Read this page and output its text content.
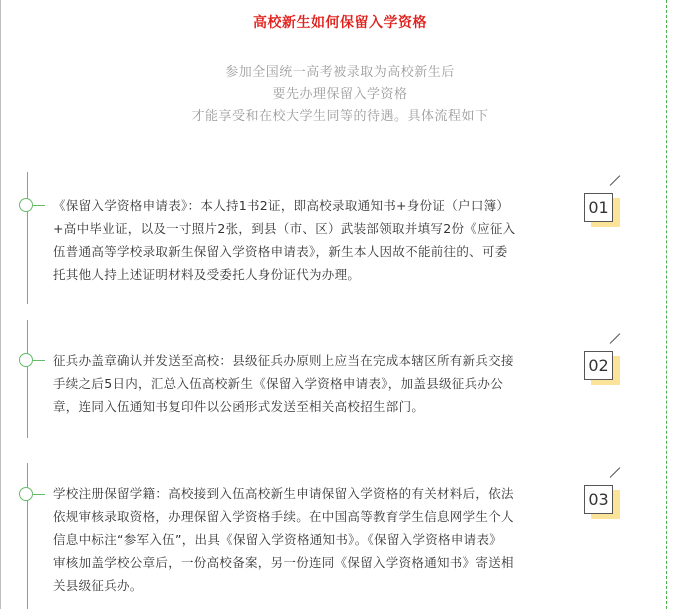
高校新生如何保留入学资格
参加全国统一高考被录取为高校新生后
要先办理保留入学资格
才能享受和在校大学生同等的待遇。具体流程如下
《保留入学资格申请表》：本人持1书2证，即高校录取通知书+身份证（户口簿）
+高中毕业证，以及一寸照片2张，到县（市、区）武装部领取并填写2份《应征入
伍普通高等学校录取新生保留入学资格申请表》，新生本人因故不能前往的、可委
托其他人持上述证明材料及受委托人身份证代为办理。
01
征兵办盖章确认并发送至高校：县级征兵办原则上应当在完成本辖区所有新兵交接
手续之后5日内，汇总入伍高校新生《保留入学资格申请表》，加盖县级征兵办公
章，连同入伍通知书复印件以公函形式发送至相关高校招生部门。
02
学校注册保留学籍：高校接到入伍高校新生申请保留入学资格的有关材料后，依法
依规审核录取资格，办理保留入学资格手续。在中国高等教育学生信息网学生个人
信息中标注“参军入伍”，出具《保留入学资格通知书》。《保留入学资格申请表》
审核加盖学校公章后，一份高校备案，另一份连同《保留入学资格通知书》寄送相
关县级征兵办。
03
